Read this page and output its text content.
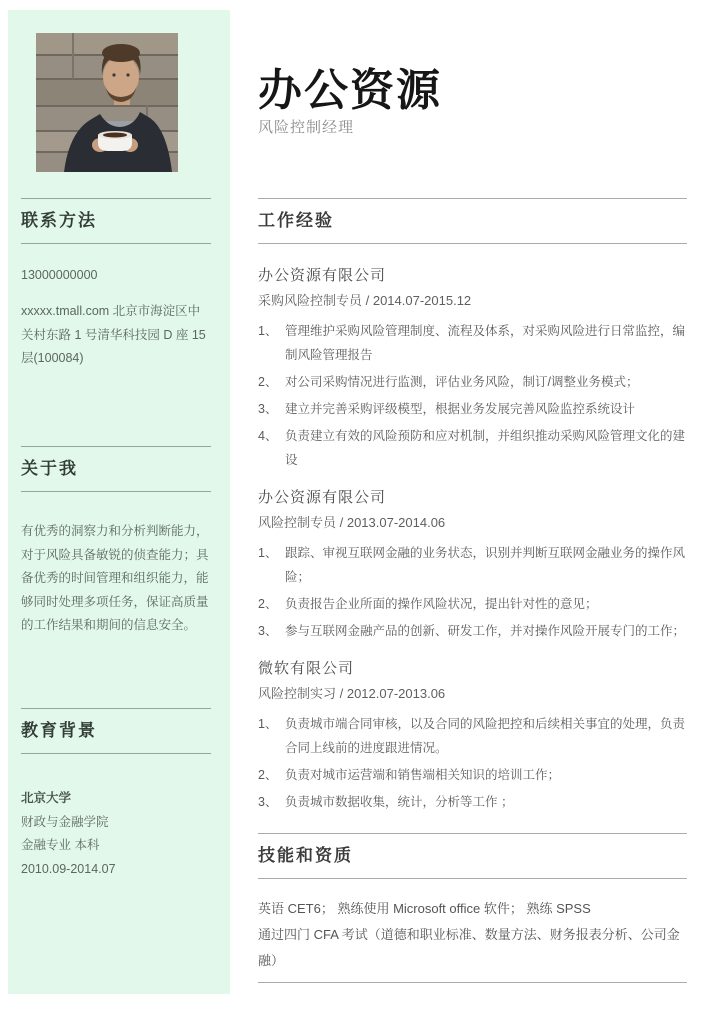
联系方法

13000000000

xxxxx.tmall.com 北京市海淀区中关村东路 1 号清华科技园 D 座 15 层(100084)

关于我

有优秀的洞察力和分析判断能力，对于风险具备敏锐的侦查能力；具备优秀的时间管理和组织能力，能够同时处理多项任务，保证高质量的工作结果和期间的信息安全。

教育背景
北京大学
财政与金融学院
金融专业 本科
2010.09-2014.07
办公资源
风险控制经理
工作经验
办公资源有限公司
采购风险控制专员 / 2014.07-2015.12
1、 管理维护采购风险管理制度、流程及体系，对采购风险进行日常监控，编制风险管理报告
2、 对公司采购情况进行监测，评估业务风险，制订/调整业务模式；
3、 建立并完善采购评级模型，根据业务发展完善风险监控系统设计
4、 负责建立有效的风险预防和应对机制，并组织推动采购风险管理文化的建设
办公资源有限公司
风险控制专员 / 2013.07-2014.06
1、 跟踪、审视互联网金融的业务状态，识别并判断互联网金融业务的操作风险；
2、 负责报告企业所面的操作风险状况，提出针对性的意见；
3、 参与互联网金融产品的创新、研发工作，并对操作风险开展专门的工作；
微软有限公司
风险控制实习 / 2012.07-2013.06
1、 负责城市端合同审核，以及合同的风险把控和后续相关事宜的处理，负责合同上线前的进度跟进情况。
2、 负责对城市运营端和销售端相关知识的培训工作；
3、 负责城市数据收集，统计，分析等工作 ；
技能和资质
英语 CET6； 熟练使用 Microsoft office 软件； 熟练 SPSS
通过四门 CFA 考试（道德和职业标准、数量方法、财务报表分析、公司金融）
